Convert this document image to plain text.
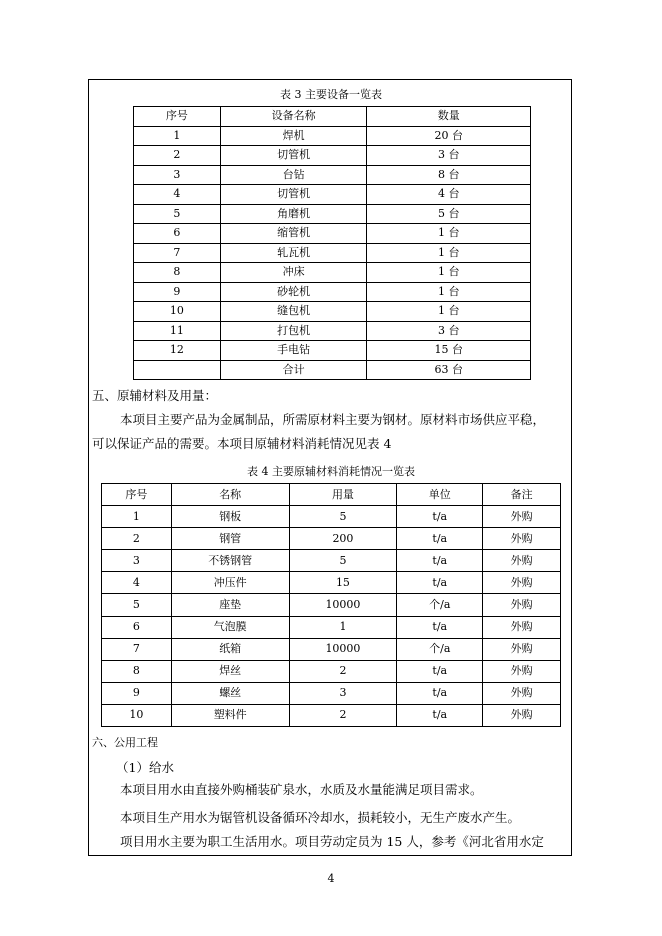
表 3 主要设备一览表
序号	设备名称	数量
1	焊机	20 台
2	切管机	3 台
3	台钻	8 台
4	切管机	4 台
5	角磨机	5 台
6	缩管机	1 台
7	轧瓦机	1 台
8	冲床	1 台
9	砂轮机	1 台
10	缝包机	1 台
11	打包机	3 台
12	手电钻	15 台
	合计	63 台
五、原辅材料及用量：
本项目主要产品为金属制品，所需原材料主要为钢材。原材料市场供应平稳，
可以保证产品的需要。本项目原辅材料消耗情况见表 4
表 4 主要原辅材料消耗情况一览表
序号	名称	用量	单位	备注
1	钢板	5	t/a	外购
2	钢管	200	t/a	外购
3	不锈钢管	5	t/a	外购
4	冲压件	15	t/a	外购
5	座垫	10000	个/a	外购
6	气泡膜	1	t/a	外购
7	纸箱	10000	个/a	外购
8	焊丝	2	t/a	外购
9	螺丝	3	t/a	外购
10	塑料件	2	t/a	外购
六、公用工程
（1）给水
本项目用水由直接外购桶装矿泉水，水质及水量能满足项目需求。
本项目生产用水为锯管机设备循环冷却水，损耗较小，无生产废水产生。
项目用水主要为职工生活用水。项目劳动定员为 15 人，参考《河北省用水定
4
